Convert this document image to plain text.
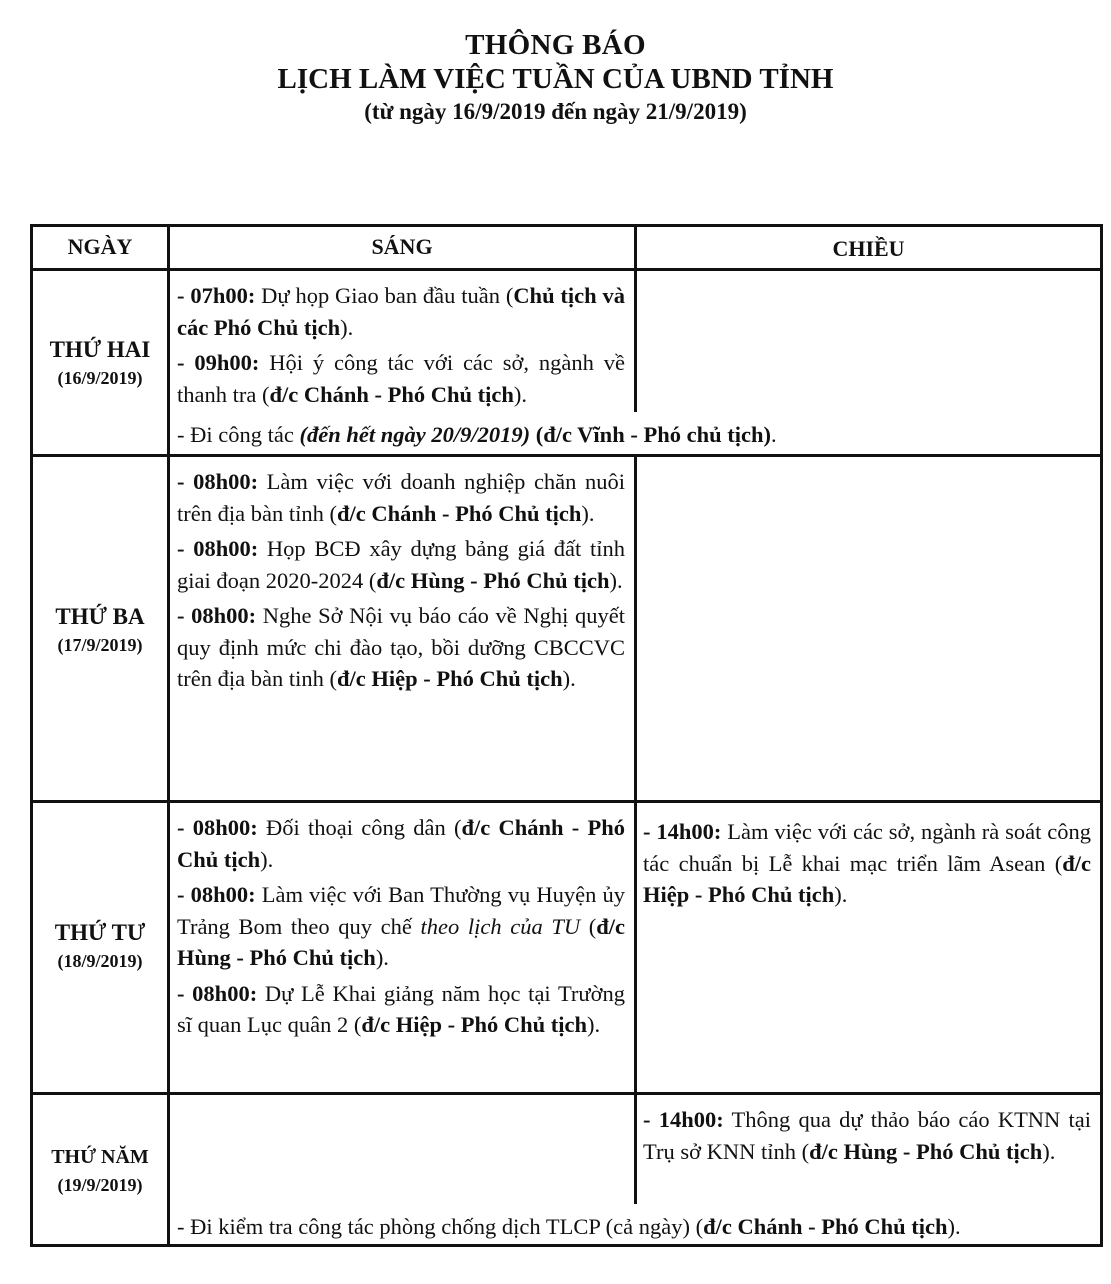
THÔNG BÁO
LỊCH LÀM VIỆC TUẦN CỦA UBND TỈNH
(từ ngày 16/9/2019 đến ngày 21/9/2019)
NGÀY	SÁNG	CHIỀU
THỨ HAI
(16/9/2019)

- 07h00: Dự họp Giao ban đầu tuần (Chủ tịch và các Phó Chủ tịch).

- 09h00: Hội ý công tác với các sở, ngành về thanh tra (đ/c Chánh - Phó Chủ tịch).

- Đi công tác (đến hết ngày 20/9/2019) (đ/c Vĩnh - Phó chủ tịch).
THỨ BA
(17/9/2019)

- 08h00: Làm việc với doanh nghiệp chăn nuôi trên địa bàn tỉnh (đ/c Chánh - Phó Chủ tịch).

- 08h00: Họp BCĐ xây dựng bảng giá đất tỉnh giai đoạn 2020-2024 (đ/c Hùng - Phó Chủ tịch).

- 08h00: Nghe Sở Nội vụ báo cáo về Nghị quyết quy định mức chi đào tạo, bồi dưỡng CBCCVC trên địa bàn tinh (đ/c Hiệp - Phó Chủ tịch).

THỨ TƯ
(18/9/2019)

- 08h00: Đối thoại công dân (đ/c Chánh - Phó Chủ tịch).

- 08h00: Làm việc với Ban Thường vụ Huyện ủy Trảng Bom theo quy chế theo lịch của TU (đ/c Hùng - Phó Chủ tịch).

- 08h00: Dự Lễ Khai giảng năm học tại Trường sĩ quan Lục quân 2 (đ/c Hiệp - Phó Chủ tịch).

- 14h00: Làm việc với các sở, ngành rà soát công tác chuẩn bị Lễ khai mạc triển lãm Asean (đ/c Hiệp - Phó Chủ tịch).

THỨ NĂM
(19/9/2019)

- 14h00: Thông qua dự thảo báo cáo KTNN tại Trụ sở KNN tỉnh (đ/c Hùng - Phó Chủ tịch).

- Đi kiểm tra công tác phòng chống dịch TLCP (cả ngày) (đ/c Chánh - Phó Chủ tịch).
